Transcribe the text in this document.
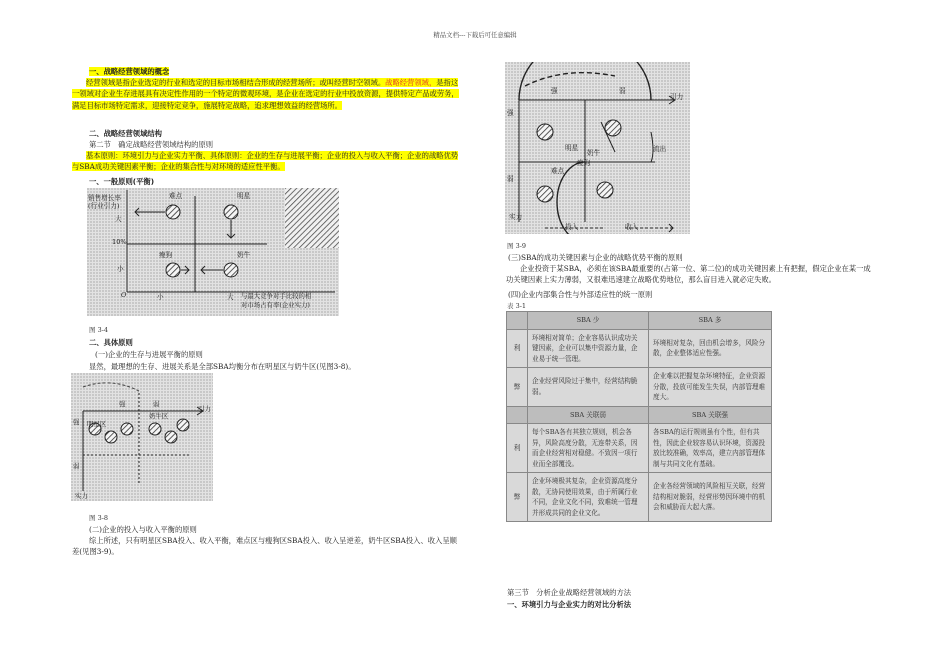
精品文档---下载后可任意编辑
一、战略经营领域的概念
经营领域是指企业选定的行业和选定的目标市场相结合形成的经营场所；或叫经营时空领域。战略经营领域，是指这一领域对企业生存进展具有决定性作用的一个特定的微观环境，是企业在选定的行业中投放资源，提供特定产品或劳务，满足目标市场特定需求，迎接特定竞争，施展特定战略，追求理想效益的经营场所。
二、战略经营领域结构
第二节　确定战略经营领域结构的原则
基本原则：环境引力与企业实力平衡、具体原则：企业的生存与进展平衡；企业的投入与收入平衡；企业的战略优势与SBA成功关键因素平衡；企业的集合性与对环境的适应性平衡。
一、一般原则(平衡)
销售增长率
(行业引力)
大
10%
小
O	小	大 与最大竞争对手比较的相
对市场占有率(企业实力)
难点	明星
瘦狗	奶牛
图 3-4
二、具体原则
(一)企业的生存与进展平衡的原则
显然，最理想的生存、进展关系是全部SBA均衡分布在明星区与奶牛区(见图3-8)。
强	弱
引力
奶牛区
明星区
强
弱
实力
图 3-8
(二)企业的投入与收入平衡的原则
综上所述，只有明星区SBA投入、收入平衡，难点区与瘦狗区SBA投入、收入呈逆差，奶牛区SBA投入、收入呈顺差(见图3-9)。
强	弱
引力
明星
奶牛
瘦狗
难点
强
弱
实力
投入	收入
流出
图 3-9
(三)SBA的成功关键因素与企业的战略优势平衡的原则
企业投资于某SBA，必须在该SBA最重要的(占第一位、第二位)的成功关键因素上有把握，假定企业在某一成功关键因素上实力薄弱，又很难迅速建立战略优势地位，那么盲目进入就必定失败。
(四)企业内部集合性与外部适应性的统一原则
表 3-1
	SBA 少	SBA 多
利	环境相对简单；企业容易认识成功关键因素，企业可以集中资源力量，企业易于统一管理。	环境相对复杂，回由机会增多，风险分散，企业整体适应性强。
弊	企业经营风险过于集中，经营结构脆弱。	企业难以把握复杂环境特征，企业资源分散，投放可能发生失误，内部管理难度大。
	SBA 关联弱	SBA 关联强
利	每个SBA各有其独立规则，机会各异，风险高度分散，无连带关系，因而企业经营相对稳健。不致因一项行业而全部覆没。	各SBA的运行规则虽有个性，但有共性，因此企业较容易认识环境，资源投放比较准确，效率高，建立内部管理体制与共同文化有基础。
弊	企业环境极其复杂，企业资源高度分散，无协同使用效果，由于所属行业不同，企业文化不同，致难统一管理并形成共同的企业文化。	企业各经营领域的风险相互关联，经营结构相对脆弱，经营形势因环境中的机会和威胁而大起大落。
第三节　分析企业战略经营领域的方法
一、环境引力与企业实力的对比分析法
